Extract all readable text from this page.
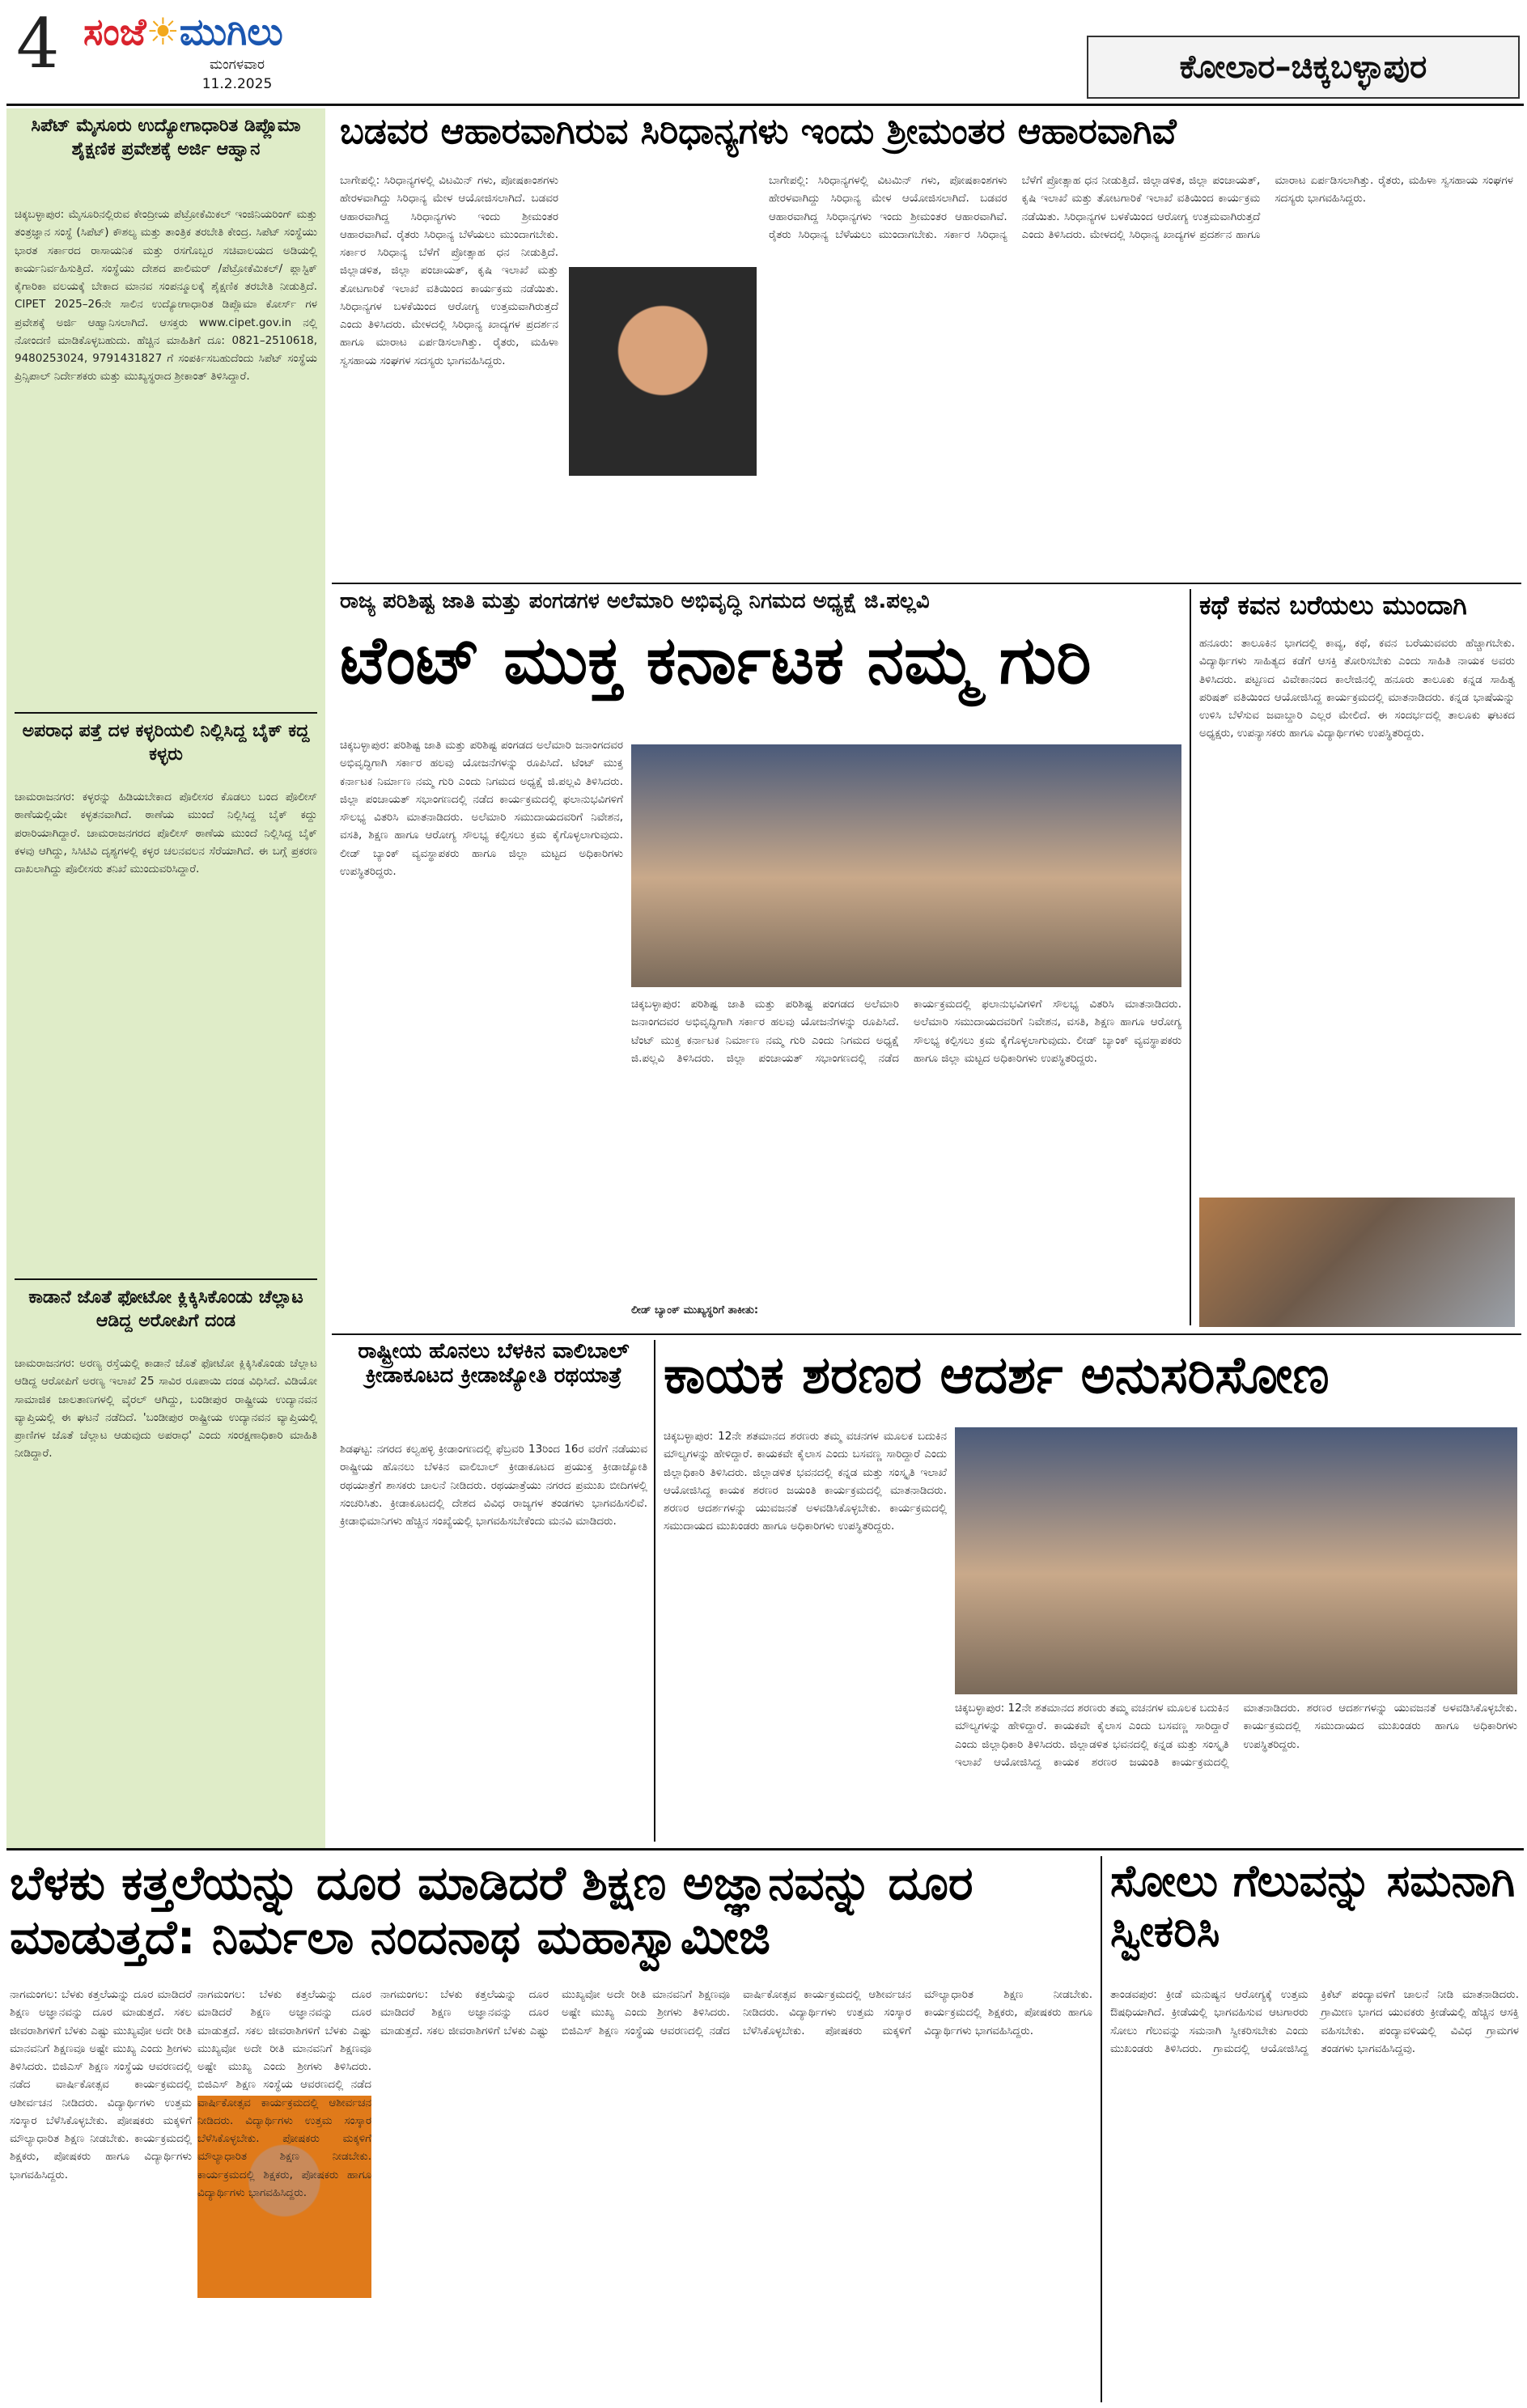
4 ಸಂಜೆ☀ಮುಗಿಲು
ಮಂಗಳವಾರ
11.2.2025	ಕೋಲಾರ–ಚಿಕ್ಕಬಳ್ಳಾಪುರ
ಸಿಪೆಟ್ ಮೈಸೂರು ಉದ್ಯೋಗಾಧಾರಿತ ಡಿಪ್ಲೊಮಾ ಶೈಕ್ಷಣಿಕ ಪ್ರವೇಶಕ್ಕೆ ಅರ್ಜಿ ಆಹ್ವಾನ
ಚಿಕ್ಕಬಳ್ಳಾಪುರ: ಮೈಸೂರಿನಲ್ಲಿರುವ ಕೇಂದ್ರೀಯ ಪೆಟ್ರೋಕೆಮಿಕಲ್ ಇಂಜಿನಿಯರಿಂಗ್ ಮತ್ತು ತಂತ್ರಜ್ಞಾನ ಸಂಸ್ಥೆ (ಸಿಪೆಟ್) ಕೌಶಲ್ಯ ಮತ್ತು ತಾಂತ್ರಿಕ ತರಬೇತಿ ಕೇಂದ್ರ. ಸಿಪೆಟ್ ಸಂಸ್ಥೆಯು ಭಾರತ ಸರ್ಕಾರದ ರಾಸಾಯನಿಕ ಮತ್ತು ರಸಗೊಬ್ಬರ ಸಚಿವಾಲಯದ ಅಡಿಯಲ್ಲಿ ಕಾರ್ಯನಿರ್ವಹಿಸುತ್ತಿದೆ. ಸಂಸ್ಥೆಯು ದೇಶದ ಪಾಲಿಮರ್ /ಪೆಟ್ರೋಕೆಮಿಕಲ್/ ಪ್ಲಾಸ್ಟಿಕ್ ಕೈಗಾರಿಕಾ ವಲಯಕ್ಕೆ ಬೇಕಾದ ಮಾನವ ಸಂಪನ್ಮೂಲಕ್ಕೆ ಶೈಕ್ಷಣಿಕ ತರಬೇತಿ ನೀಡುತ್ತಿದೆ. CIPET 2025–26ನೇ ಸಾಲಿನ ಉದ್ಯೋಗಾಧಾರಿತ ಡಿಪ್ಲೊಮಾ ಕೋರ್ಸ್ ಗಳ ಪ್ರವೇಶಕ್ಕೆ ಅರ್ಜಿ ಆಹ್ವಾನಿಸಲಾಗಿದೆ. ಆಸಕ್ತರು www.cipet.gov.in ನಲ್ಲಿ ನೋಂದಣಿ ಮಾಡಿಕೊಳ್ಳಬಹುದು. ಹೆಚ್ಚಿನ ಮಾಹಿತಿಗೆ ದೂ: 0821–2510618, 9480253024, 9791431827 ಗೆ ಸಂಪರ್ಕಿಸಬಹುದೆಂದು ಸಿಪೆಟ್ ಸಂಸ್ಥೆಯ ಪ್ರಿನ್ಸಿಪಾಲ್ ನಿರ್ದೇಶಕರು ಮತ್ತು ಮುಖ್ಯಸ್ಥರಾದ ಶ್ರೀಕಾಂತ್ ತಿಳಿಸಿದ್ದಾರೆ.
ಅಪರಾಧ ಪತ್ತೆ ದಳ ಕಳ್ಳರಿಯಲಿ ನಿಲ್ಲಿಸಿದ್ದ ಬೈಕ್ ಕದ್ದ ಕಳ್ಳರು
ಚಾಮರಾಜನಗರ: ಕಳ್ಳರನ್ನು ಹಿಡಿಯಬೇಕಾದ ಪೊಲೀಸರ ಕೊಡಲು ಬಂದ ಪೊಲೀಸ್ ಠಾಣೆಯಲ್ಲಿಯೇ ಕಳ್ಳತನವಾಗಿದೆ. ಠಾಣೆಯ ಮುಂದೆ ನಿಲ್ಲಿಸಿದ್ದ ಬೈಕ್ ಕದ್ದು ಪರಾರಿಯಾಗಿದ್ದಾರೆ. ಚಾಮರಾಜನಗರದ ಪೊಲೀಸ್ ಠಾಣೆಯ ಮುಂದೆ ನಿಲ್ಲಿಸಿದ್ದ ಬೈಕ್ ಕಳವು ಆಗಿದ್ದು, ಸಿಸಿಟಿವಿ ದೃಶ್ಯಗಳಲ್ಲಿ ಕಳ್ಳರ ಚಲನವಲನ ಸೆರೆಯಾಗಿದೆ. ಈ ಬಗ್ಗೆ ಪ್ರಕರಣ ದಾಖಲಾಗಿದ್ದು ಪೊಲೀಸರು ತನಿಖೆ ಮುಂದುವರಿಸಿದ್ದಾರೆ.
ಕಾಡಾನೆ ಜೊತೆ ಫೋಟೋ ಕ್ಲಿಕ್ಕಿಸಿಕೊಂಡು ಚೆಲ್ಲಾಟ ಆಡಿದ್ದ ಅರೋಪಿಗೆ ದಂಡ
ಚಾಮರಾಜನಗರ: ಅರಣ್ಯ ರಸ್ತೆಯಲ್ಲಿ ಕಾಡಾನೆ ಜೊತೆ ಫೋಟೋ ಕ್ಲಿಕ್ಕಿಸಿಕೊಂಡು ಚೆಲ್ಲಾಟ ಆಡಿದ್ದ ಆರೋಪಿಗೆ ಅರಣ್ಯ ಇಲಾಖೆ 25 ಸಾವಿರ ರೂಪಾಯಿ ದಂಡ ವಿಧಿಸಿದೆ. ವಿಡಿಯೋ ಸಾಮಾಜಿಕ ಜಾಲತಾಣಗಳಲ್ಲಿ ವೈರಲ್ ಆಗಿದ್ದು, ಬಂಡೀಪುರ ರಾಷ್ಟ್ರೀಯ ಉದ್ಯಾನವನ ವ್ಯಾಪ್ತಿಯಲ್ಲಿ ಈ ಘಟನೆ ನಡೆದಿದೆ. 'ಬಂಡೀಪುರ ರಾಷ್ಟ್ರೀಯ ಉದ್ಯಾನವನ ವ್ಯಾಪ್ತಿಯಲ್ಲಿ ಪ್ರಾಣಿಗಳ ಜೊತೆ ಚೆಲ್ಲಾಟ ಆಡುವುದು ಅಪರಾಧ' ಎಂದು ಸಂರಕ್ಷಣಾಧಿಕಾರಿ ಮಾಹಿತಿ ನೀಡಿದ್ದಾರೆ.
ಬಡವರ ಆಹಾರವಾಗಿರುವ ಸಿರಿಧಾನ್ಯಗಳು ಇಂದು ಶ್ರೀಮಂತರ ಆಹಾರವಾಗಿವೆ
ಬಾಗೇಪಲ್ಲಿ: ಸಿರಿಧಾನ್ಯಗಳಲ್ಲಿ ವಿಟಮಿನ್ ಗಳು, ಪೋಷಕಾಂಶಗಳು ಹೇರಳವಾಗಿದ್ದು ಸಿರಿಧಾನ್ಯ ಮೇಳ ಆಯೋಜಿಸಲಾಗಿದೆ. ಬಡವರ ಆಹಾರವಾಗಿದ್ದ ಸಿರಿಧಾನ್ಯಗಳು ಇಂದು ಶ್ರೀಮಂತರ ಆಹಾರವಾಗಿವೆ. ರೈತರು ಸಿರಿಧಾನ್ಯ ಬೆಳೆಯಲು ಮುಂದಾಗಬೇಕು. ಸರ್ಕಾರ ಸಿರಿಧಾನ್ಯ ಬೆಳೆಗೆ ಪ್ರೋತ್ಸಾಹ ಧನ ನೀಡುತ್ತಿದೆ. ಜಿಲ್ಲಾಡಳಿತ, ಜಿಲ್ಲಾ ಪಂಚಾಯತ್, ಕೃಷಿ ಇಲಾಖೆ ಮತ್ತು ತೋಟಗಾರಿಕೆ ಇಲಾಖೆ ವತಿಯಿಂದ ಕಾರ್ಯಕ್ರಮ ನಡೆಯಿತು. ಸಿರಿಧಾನ್ಯಗಳ ಬಳಕೆಯಿಂದ ಆರೋಗ್ಯ ಉತ್ತಮವಾಗಿರುತ್ತದೆ ಎಂದು ತಿಳಿಸಿದರು. ಮೇಳದಲ್ಲಿ ಸಿರಿಧಾನ್ಯ ಖಾದ್ಯಗಳ ಪ್ರದರ್ಶನ ಹಾಗೂ ಮಾರಾಟ ಏರ್ಪಡಿಸಲಾಗಿತ್ತು. ರೈತರು, ಮಹಿಳಾ ಸ್ವಸಹಾಯ ಸಂಘಗಳ ಸದಸ್ಯರು ಭಾಗವಹಿಸಿದ್ದರು.
ಬಾಗೇಪಲ್ಲಿ: ಸಿರಿಧಾನ್ಯಗಳಲ್ಲಿ ವಿಟಮಿನ್ ಗಳು, ಪೋಷಕಾಂಶಗಳು ಹೇರಳವಾಗಿದ್ದು ಸಿರಿಧಾನ್ಯ ಮೇಳ ಆಯೋಜಿಸಲಾಗಿದೆ. ಬಡವರ ಆಹಾರವಾಗಿದ್ದ ಸಿರಿಧಾನ್ಯಗಳು ಇಂದು ಶ್ರೀಮಂತರ ಆಹಾರವಾಗಿವೆ. ರೈತರು ಸಿರಿಧಾನ್ಯ ಬೆಳೆಯಲು ಮುಂದಾಗಬೇಕು. ಸರ್ಕಾರ ಸಿರಿಧಾನ್ಯ ಬೆಳೆಗೆ ಪ್ರೋತ್ಸಾಹ ಧನ ನೀಡುತ್ತಿದೆ. ಜಿಲ್ಲಾಡಳಿತ, ಜಿಲ್ಲಾ ಪಂಚಾಯತ್, ಕೃಷಿ ಇಲಾಖೆ ಮತ್ತು ತೋಟಗಾರಿಕೆ ಇಲಾಖೆ ವತಿಯಿಂದ ಕಾರ್ಯಕ್ರಮ ನಡೆಯಿತು. ಸಿರಿಧಾನ್ಯಗಳ ಬಳಕೆಯಿಂದ ಆರೋಗ್ಯ ಉತ್ತಮವಾಗಿರುತ್ತದೆ ಎಂದು ತಿಳಿಸಿದರು. ಮೇಳದಲ್ಲಿ ಸಿರಿಧಾನ್ಯ ಖಾದ್ಯಗಳ ಪ್ರದರ್ಶನ ಹಾಗೂ ಮಾರಾಟ ಏರ್ಪಡಿಸಲಾಗಿತ್ತು. ರೈತರು, ಮಹಿಳಾ ಸ್ವಸಹಾಯ ಸಂಘಗಳ ಸದಸ್ಯರು ಭಾಗವಹಿಸಿದ್ದರು.
ರಾಜ್ಯ ಪರಿಶಿಷ್ಟ ಜಾತಿ ಮತ್ತು ಪಂಗಡಗಳ ಅಲೆಮಾರಿ ಅಭಿವೃದ್ಧಿ ನಿಗಮದ ಅಧ್ಯಕ್ಷೆ ಜಿ.ಪಲ್ಲವಿ
ಟೆಂಟ್ ಮುಕ್ತ ಕರ್ನಾಟಕ ನಮ್ಮ ಗುರಿ
ಚಿಕ್ಕಬಳ್ಳಾಪುರ: ಪರಿಶಿಷ್ಟ ಜಾತಿ ಮತ್ತು ಪರಿಶಿಷ್ಟ ಪಂಗಡದ ಅಲೆಮಾರಿ ಜನಾಂಗದವರ ಅಭಿವೃದ್ಧಿಗಾಗಿ ಸರ್ಕಾರ ಹಲವು ಯೋಜನೆಗಳನ್ನು ರೂಪಿಸಿದೆ. ಟೆಂಟ್ ಮುಕ್ತ ಕರ್ನಾಟಕ ನಿರ್ಮಾಣ ನಮ್ಮ ಗುರಿ ಎಂದು ನಿಗಮದ ಅಧ್ಯಕ್ಷೆ ಜಿ.ಪಲ್ಲವಿ ತಿಳಿಸಿದರು. ಜಿಲ್ಲಾ ಪಂಚಾಯತ್ ಸಭಾಂಗಣದಲ್ಲಿ ನಡೆದ ಕಾರ್ಯಕ್ರಮದಲ್ಲಿ ಫಲಾನುಭವಿಗಳಿಗೆ ಸೌಲಭ್ಯ ವಿತರಿಸಿ ಮಾತನಾಡಿದರು. ಅಲೆಮಾರಿ ಸಮುದಾಯದವರಿಗೆ ನಿವೇಶನ, ವಸತಿ, ಶಿಕ್ಷಣ ಹಾಗೂ ಆರೋಗ್ಯ ಸೌಲಭ್ಯ ಕಲ್ಪಿಸಲು ಕ್ರಮ ಕೈಗೊಳ್ಳಲಾಗುವುದು. ಲೀಡ್ ಬ್ಯಾಂಕ್ ವ್ಯವಸ್ಥಾಪಕರು ಹಾಗೂ ಜಿಲ್ಲಾ ಮಟ್ಟದ ಅಧಿಕಾರಿಗಳು ಉಪಸ್ಥಿತರಿದ್ದರು.
ಚಿಕ್ಕಬಳ್ಳಾಪುರ: ಪರಿಶಿಷ್ಟ ಜಾತಿ ಮತ್ತು ಪರಿಶಿಷ್ಟ ಪಂಗಡದ ಅಲೆಮಾರಿ ಜನಾಂಗದವರ ಅಭಿವೃದ್ಧಿಗಾಗಿ ಸರ್ಕಾರ ಹಲವು ಯೋಜನೆಗಳನ್ನು ರೂಪಿಸಿದೆ. ಟೆಂಟ್ ಮುಕ್ತ ಕರ್ನಾಟಕ ನಿರ್ಮಾಣ ನಮ್ಮ ಗುರಿ ಎಂದು ನಿಗಮದ ಅಧ್ಯಕ್ಷೆ ಜಿ.ಪಲ್ಲವಿ ತಿಳಿಸಿದರು. ಜಿಲ್ಲಾ ಪಂಚಾಯತ್ ಸಭಾಂಗಣದಲ್ಲಿ ನಡೆದ ಕಾರ್ಯಕ್ರಮದಲ್ಲಿ ಫಲಾನುಭವಿಗಳಿಗೆ ಸೌಲಭ್ಯ ವಿತರಿಸಿ ಮಾತನಾಡಿದರು. ಅಲೆಮಾರಿ ಸಮುದಾಯದವರಿಗೆ ನಿವೇಶನ, ವಸತಿ, ಶಿಕ್ಷಣ ಹಾಗೂ ಆರೋಗ್ಯ ಸೌಲಭ್ಯ ಕಲ್ಪಿಸಲು ಕ್ರಮ ಕೈಗೊಳ್ಳಲಾಗುವುದು. ಲೀಡ್ ಬ್ಯಾಂಕ್ ವ್ಯವಸ್ಥಾಪಕರು ಹಾಗೂ ಜಿಲ್ಲಾ ಮಟ್ಟದ ಅಧಿಕಾರಿಗಳು ಉಪಸ್ಥಿತರಿದ್ದರು.
ಲೀಡ್ ಬ್ಯಾಂಕ್ ಮುಖ್ಯಸ್ಥರಿಗೆ ತಾಕೀತು:
ಕಥೆ ಕವನ ಬರೆಯಲು ಮುಂದಾಗಿ
ಹನೂರು: ತಾಲೂಕಿನ ಭಾಗದಲ್ಲಿ ಕಾವ್ಯ, ಕಥೆ, ಕವನ ಬರೆಯುವವರು ಹೆಚ್ಚಾಗಬೇಕು. ವಿದ್ಯಾರ್ಥಿಗಳು ಸಾಹಿತ್ಯದ ಕಡೆಗೆ ಆಸಕ್ತಿ ತೋರಿಸಬೇಕು ಎಂದು ಸಾಹಿತಿ ನಾಯಕ ಅವರು ತಿಳಿಸಿದರು. ಪಟ್ಟಣದ ವಿವೇಕಾನಂದ ಕಾಲೇಜಿನಲ್ಲಿ ಹನೂರು ತಾಲೂಕು ಕನ್ನಡ ಸಾಹಿತ್ಯ ಪರಿಷತ್ ವತಿಯಿಂದ ಆಯೋಜಿಸಿದ್ದ ಕಾರ್ಯಕ್ರಮದಲ್ಲಿ ಮಾತನಾಡಿದರು. ಕನ್ನಡ ಭಾಷೆಯನ್ನು ಉಳಿಸಿ ಬೆಳೆಸುವ ಜವಾಬ್ದಾರಿ ಎಲ್ಲರ ಮೇಲಿದೆ. ಈ ಸಂದರ್ಭದಲ್ಲಿ ತಾಲೂಕು ಘಟಕದ ಅಧ್ಯಕ್ಷರು, ಉಪನ್ಯಾಸಕರು ಹಾಗೂ ವಿದ್ಯಾರ್ಥಿಗಳು ಉಪಸ್ಥಿತರಿದ್ದರು.
ರಾಷ್ಟ್ರೀಯ ಹೊನಲು ಬೆಳಕಿನ ವಾಲಿಬಾಲ್ ಕ್ರೀಡಾಕೂಟದ ಕ್ರೀಡಾಜ್ಯೋತಿ ರಥಯಾತ್ರೆ
ಶಿಡಘಟ್ಟ: ನಗರದ ಕಲ್ವಹಳ್ಳಿ ಕ್ರೀಡಾಂಗಣದಲ್ಲಿ ಫೆಬ್ರವರಿ 13ರಿಂದ 16ರ ವರೆಗೆ ನಡೆಯುವ ರಾಷ್ಟ್ರೀಯ ಹೊನಲು ಬೆಳಕಿನ ವಾಲಿಬಾಲ್ ಕ್ರೀಡಾಕೂಟದ ಪ್ರಯುಕ್ತ ಕ್ರೀಡಾಜ್ಯೋತಿ ರಥಯಾತ್ರೆಗೆ ಶಾಸಕರು ಚಾಲನೆ ನೀಡಿದರು. ರಥಯಾತ್ರೆಯು ನಗರದ ಪ್ರಮುಖ ಬೀದಿಗಳಲ್ಲಿ ಸಂಚರಿಸಿತು. ಕ್ರೀಡಾಕೂಟದಲ್ಲಿ ದೇಶದ ವಿವಿಧ ರಾಜ್ಯಗಳ ತಂಡಗಳು ಭಾಗವಹಿಸಲಿವೆ. ಕ್ರೀಡಾಭಿಮಾನಿಗಳು ಹೆಚ್ಚಿನ ಸಂಖ್ಯೆಯಲ್ಲಿ ಭಾಗವಹಿಸಬೇಕೆಂದು ಮನವಿ ಮಾಡಿದರು.
ಕಾಯಕ ಶರಣರ ಆದರ್ಶ ಅನುಸರಿಸೋಣ
ಚಿಕ್ಕಬಳ್ಳಾಪುರ: 12ನೇ ಶತಮಾನದ ಶರಣರು ತಮ್ಮ ವಚನಗಳ ಮೂಲಕ ಬದುಕಿನ ಮೌಲ್ಯಗಳನ್ನು ಹೇಳಿದ್ದಾರೆ. ಕಾಯಕವೇ ಕೈಲಾಸ ಎಂದು ಬಸವಣ್ಣ ಸಾರಿದ್ದಾರೆ ಎಂದು ಜಿಲ್ಲಾಧಿಕಾರಿ ತಿಳಿಸಿದರು. ಜಿಲ್ಲಾಡಳಿತ ಭವನದಲ್ಲಿ ಕನ್ನಡ ಮತ್ತು ಸಂಸ್ಕೃತಿ ಇಲಾಖೆ ಆಯೋಜಿಸಿದ್ದ ಕಾಯಕ ಶರಣರ ಜಯಂತಿ ಕಾರ್ಯಕ್ರಮದಲ್ಲಿ ಮಾತನಾಡಿದರು. ಶರಣರ ಆದರ್ಶಗಳನ್ನು ಯುವಜನತೆ ಅಳವಡಿಸಿಕೊಳ್ಳಬೇಕು. ಕಾರ್ಯಕ್ರಮದಲ್ಲಿ ಸಮುದಾಯದ ಮುಖಂಡರು ಹಾಗೂ ಅಧಿಕಾರಿಗಳು ಉಪಸ್ಥಿತರಿದ್ದರು.
ಚಿಕ್ಕಬಳ್ಳಾಪುರ: 12ನೇ ಶತಮಾನದ ಶರಣರು ತಮ್ಮ ವಚನಗಳ ಮೂಲಕ ಬದುಕಿನ ಮೌಲ್ಯಗಳನ್ನು ಹೇಳಿದ್ದಾರೆ. ಕಾಯಕವೇ ಕೈಲಾಸ ಎಂದು ಬಸವಣ್ಣ ಸಾರಿದ್ದಾರೆ ಎಂದು ಜಿಲ್ಲಾಧಿಕಾರಿ ತಿಳಿಸಿದರು. ಜಿಲ್ಲಾಡಳಿತ ಭವನದಲ್ಲಿ ಕನ್ನಡ ಮತ್ತು ಸಂಸ್ಕೃತಿ ಇಲಾಖೆ ಆಯೋಜಿಸಿದ್ದ ಕಾಯಕ ಶರಣರ ಜಯಂತಿ ಕಾರ್ಯಕ್ರಮದಲ್ಲಿ ಮಾತನಾಡಿದರು. ಶರಣರ ಆದರ್ಶಗಳನ್ನು ಯುವಜನತೆ ಅಳವಡಿಸಿಕೊಳ್ಳಬೇಕು. ಕಾರ್ಯಕ್ರಮದಲ್ಲಿ ಸಮುದಾಯದ ಮುಖಂಡರು ಹಾಗೂ ಅಧಿಕಾರಿಗಳು ಉಪಸ್ಥಿತರಿದ್ದರು.
ಬೆಳಕು ಕತ್ತಲೆಯನ್ನು ದೂರ ಮಾಡಿದರೆ ಶಿಕ್ಷಣ ಅಜ್ಞಾನವನ್ನು ದೂರ ಮಾಡುತ್ತದೆ: ನಿರ್ಮಲಾ ನಂದನಾಥ ಮಹಾಸ್ವಾಮೀಜಿ
ನಾಗಮಂಗಲ: ಬೆಳಕು ಕತ್ತಲೆಯನ್ನು ದೂರ ಮಾಡಿದರೆ ಶಿಕ್ಷಣ ಅಜ್ಞಾನವನ್ನು ದೂರ ಮಾಡುತ್ತದೆ. ಸಕಲ ಜೀವರಾಶಿಗಳಿಗೆ ಬೆಳಕು ಎಷ್ಟು ಮುಖ್ಯವೋ ಅದೇ ರೀತಿ ಮಾನವನಿಗೆ ಶಿಕ್ಷಣವೂ ಅಷ್ಟೇ ಮುಖ್ಯ ಎಂದು ಶ್ರೀಗಳು ತಿಳಿಸಿದರು. ಬಿಜಿಎಸ್ ಶಿಕ್ಷಣ ಸಂಸ್ಥೆಯ ಆವರಣದಲ್ಲಿ ನಡೆದ ವಾರ್ಷಿಕೋತ್ಸವ ಕಾರ್ಯಕ್ರಮದಲ್ಲಿ ಆಶೀರ್ವಚನ ನೀಡಿದರು. ವಿದ್ಯಾರ್ಥಿಗಳು ಉತ್ತಮ ಸಂಸ್ಕಾರ ಬೆಳೆಸಿಕೊಳ್ಳಬೇಕು. ಪೋಷಕರು ಮಕ್ಕಳಿಗೆ ಮೌಲ್ಯಾಧಾರಿತ ಶಿಕ್ಷಣ ನೀಡಬೇಕು. ಕಾರ್ಯಕ್ರಮದಲ್ಲಿ ಶಿಕ್ಷಕರು, ಪೋಷಕರು ಹಾಗೂ ವಿದ್ಯಾರ್ಥಿಗಳು ಭಾಗವಹಿಸಿದ್ದರು.
ನಾಗಮಂಗಲ: ಬೆಳಕು ಕತ್ತಲೆಯನ್ನು ದೂರ ಮಾಡಿದರೆ ಶಿಕ್ಷಣ ಅಜ್ಞಾನವನ್ನು ದೂರ ಮಾಡುತ್ತದೆ. ಸಕಲ ಜೀವರಾಶಿಗಳಿಗೆ ಬೆಳಕು ಎಷ್ಟು ಮುಖ್ಯವೋ ಅದೇ ರೀತಿ ಮಾನವನಿಗೆ ಶಿಕ್ಷಣವೂ ಅಷ್ಟೇ ಮುಖ್ಯ ಎಂದು ಶ್ರೀಗಳು ತಿಳಿಸಿದರು. ಬಿಜಿಎಸ್ ಶಿಕ್ಷಣ ಸಂಸ್ಥೆಯ ಆವರಣದಲ್ಲಿ ನಡೆದ ವಾರ್ಷಿಕೋತ್ಸವ ಕಾರ್ಯಕ್ರಮದಲ್ಲಿ ಆಶೀರ್ವಚನ ನೀಡಿದರು. ವಿದ್ಯಾರ್ಥಿಗಳು ಉತ್ತಮ ಸಂಸ್ಕಾರ ಬೆಳೆಸಿಕೊಳ್ಳಬೇಕು. ಪೋಷಕರು ಮಕ್ಕಳಿಗೆ ಮೌಲ್ಯಾಧಾರಿತ ಶಿಕ್ಷಣ ನೀಡಬೇಕು. ಕಾರ್ಯಕ್ರಮದಲ್ಲಿ ಶಿಕ್ಷಕರು, ಪೋಷಕರು ಹಾಗೂ ವಿದ್ಯಾರ್ಥಿಗಳು ಭಾಗವಹಿಸಿದ್ದರು.
ನಾಗಮಂಗಲ: ಬೆಳಕು ಕತ್ತಲೆಯನ್ನು ದೂರ ಮಾಡಿದರೆ ಶಿಕ್ಷಣ ಅಜ್ಞಾನವನ್ನು ದೂರ ಮಾಡುತ್ತದೆ. ಸಕಲ ಜೀವರಾಶಿಗಳಿಗೆ ಬೆಳಕು ಎಷ್ಟು ಮುಖ್ಯವೋ ಅದೇ ರೀತಿ ಮಾನವನಿಗೆ ಶಿಕ್ಷಣವೂ ಅಷ್ಟೇ ಮುಖ್ಯ ಎಂದು ಶ್ರೀಗಳು ತಿಳಿಸಿದರು. ಬಿಜಿಎಸ್ ಶಿಕ್ಷಣ ಸಂಸ್ಥೆಯ ಆವರಣದಲ್ಲಿ ನಡೆದ ವಾರ್ಷಿಕೋತ್ಸವ ಕಾರ್ಯಕ್ರಮದಲ್ಲಿ ಆಶೀರ್ವಚನ ನೀಡಿದರು. ವಿದ್ಯಾರ್ಥಿಗಳು ಉತ್ತಮ ಸಂಸ್ಕಾರ ಬೆಳೆಸಿಕೊಳ್ಳಬೇಕು. ಪೋಷಕರು ಮಕ್ಕಳಿಗೆ ಮೌಲ್ಯಾಧಾರಿತ ಶಿಕ್ಷಣ ನೀಡಬೇಕು. ಕಾರ್ಯಕ್ರಮದಲ್ಲಿ ಶಿಕ್ಷಕರು, ಪೋಷಕರು ಹಾಗೂ ವಿದ್ಯಾರ್ಥಿಗಳು ಭಾಗವಹಿಸಿದ್ದರು.
ಸೋಲು ಗೆಲುವನ್ನು ಸಮನಾಗಿ ಸ್ವೀಕರಿಸಿ
ತಾಂಡವಪುರ: ಕ್ರೀಡೆ ಮನುಷ್ಯನ ಆರೋಗ್ಯಕ್ಕೆ ಉತ್ತಮ ಔಷಧಿಯಾಗಿದೆ. ಕ್ರೀಡೆಯಲ್ಲಿ ಭಾಗವಹಿಸುವ ಆಟಗಾರರು ಸೋಲು ಗೆಲುವನ್ನು ಸಮನಾಗಿ ಸ್ವೀಕರಿಸಬೇಕು ಎಂದು ಮುಖಂಡರು ತಿಳಿಸಿದರು. ಗ್ರಾಮದಲ್ಲಿ ಆಯೋಜಿಸಿದ್ದ ಕ್ರಿಕೆಟ್ ಪಂದ್ಯಾವಳಿಗೆ ಚಾಲನೆ ನೀಡಿ ಮಾತನಾಡಿದರು. ಗ್ರಾಮೀಣ ಭಾಗದ ಯುವಕರು ಕ್ರೀಡೆಯಲ್ಲಿ ಹೆಚ್ಚಿನ ಆಸಕ್ತಿ ವಹಿಸಬೇಕು. ಪಂದ್ಯಾವಳಿಯಲ್ಲಿ ವಿವಿಧ ಗ್ರಾಮಗಳ ತಂಡಗಳು ಭಾಗವಹಿಸಿದ್ದವು.
